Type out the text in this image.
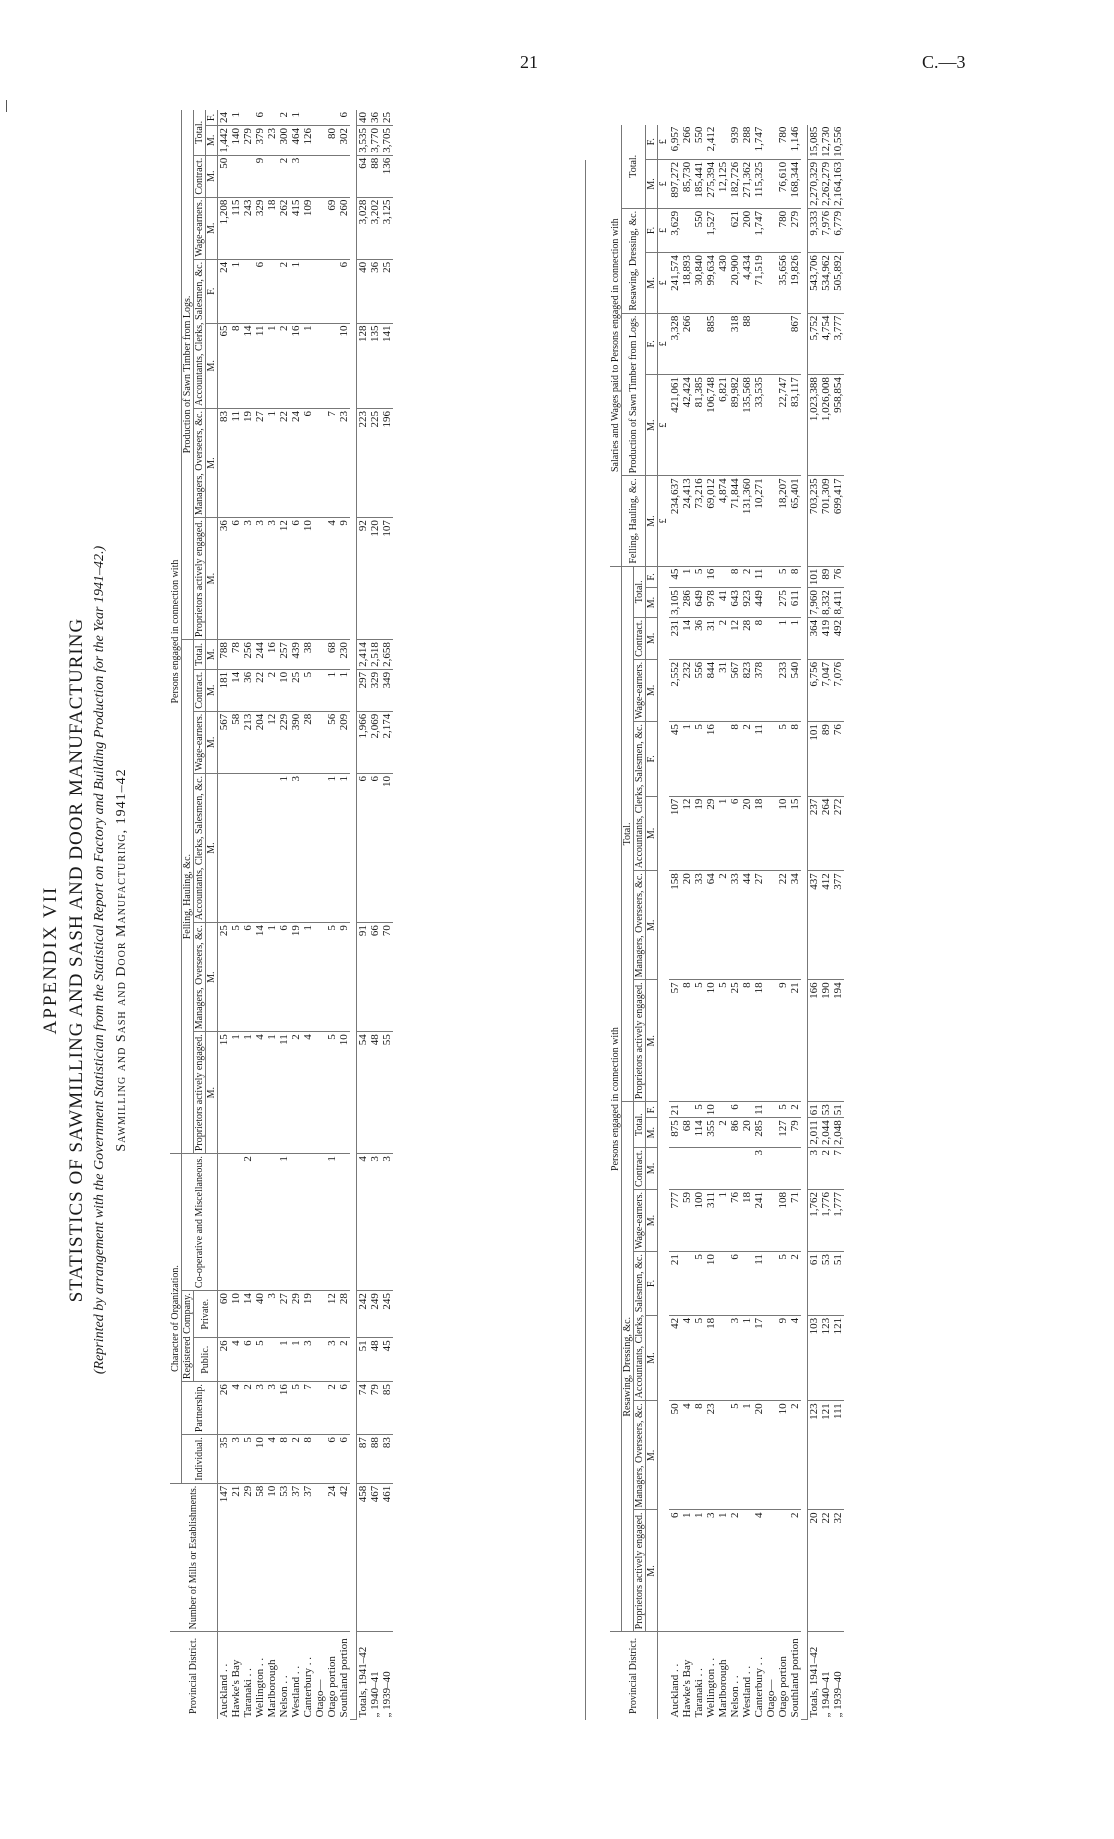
21	C.—3
APPENDIX VII STATISTICS OF SAWMILLING AND SASH AND DOOR MANUFACTURING (Reprinted by arrangement with the Government Statistician from the Statistical Report on Factory and Building Production for the Year 1941–42.) Sawmilling and Sash and Door Manufacturing, 1941–42
Provincial District.	Number of Mills or Establishments.	Character of Organization.					Persons engaged in connection with													
		Individual.	Partnership.	Registered Company.		Co-operative and Miscellaneous.	Felling, Hauling, &c.						Production of Sawn Timber from Logs.							
				Public.	Private.		Proprietors actively engaged.	Managers, Overseers, &c.	Accountants, Clerks, Salesmen, &c.	Wage-earners.	Contract.	Total.	Proprietors actively engaged.	Managers, Overseers, &c.	Accountants, Clerks, Salesmen, &c.		Wage-earners.	Contract.	Total.	
							M.	M.	M.	M.	M.	M.	M.	M.	M.	F.	M.	M.	M.	F.
Auckland . .	147	35	26	26	60		15	25		567	181	788	36	83	65	24	1,208	50	1,442	24
Hawke's Bay	21	3	4	4	10		1	5		58	14	78	6	11	8	1	115		140	1
Taranaki . .	29	5	2	6	14	2	1	6		213	36	256	3	19	14		243		279	
Wellington . .	58	10	3	5	40		4	14		204	22	244	3	27	11	6	329	9	379	6
Marlborough	10	4	3		3		1	1		12	2	16	3	1	1		18		23	
Nelson . .	53	8	16	1	27	1	11	6	1	229	10	257	12	22	2	2	262	2	300	2
Westland . .	37	2	5	1	29		2	19	3	390	25	439	6	24	16	1	415	3	464	1
Canterbury . .	37	8	7	3	19		4	1		28	5	38	10	6	1		109		126	
Otago—																				
Otago portion	24	6	2	3	12	1	5	5	1	56	1	68	4	7			69		80	
Southland portion	42	6	6	2	28		10	9	1	209	1	230	9	23	10	6	260		302	6

Totals, 1941–42	458	87	74	51	242	4	54	91	6	1,966	297	2,414	92	223	128	40	3,028	64	3,535	40
„ 1940–41	467	88	79	48	249	3	48	66	6	2,069	329	2,518	120	225	135	36	3,202	88	3,770	36
„ 1939–40	461	83	85	45	245	3	55	70	10	2,174	349	2,658	107	196	141	25	3,125	136	3,705	25
Provincial District.	Persons engaged in connection with																Salaries and Wages paid to Persons engaged in connection with						
	Resawing, Dressing, &c.								Total.								Felling, Hauling, &c.	Production of Sawn Timber from Logs.		Resawing, Dressing, &c.		Total.	
	Proprietors actively engaged.	Managers, Overseers, &c.	Accountants, Clerks, Salesmen, &c.		Wage-earners.	Contract.	Total.		Proprietors actively engaged.	Managers, Overseers, &c.	Accountants, Clerks, Salesmen, &c.		Wage-earners.	Contract.	Total.								
	M.	M.	M.	F.	M.	M.	M.	F.	M.	M.	M.	F.	M.	M.	M.	F.	M.	M.	F.	M.	F.	M.	F.
																	£	£	£	£	£	£	£
Auckland . .	6	50	42	21	777		875	21	57	158	107	45	2,552	231	3,105	45	234,637	421,061	3,328	241,574	3,629	897,272	6,957
Hawke's Bay	1	4	4		59		68		8	20	12	1	232	14	286	1	24,413	42,424	266	18,893		85,730	266
Taranaki . .	1	8	5	5	100		114	5	5	33	19	5	556	36	649	5	73,216	81,385		30,840	550	185,441	550
Wellington . .	3	23	18	10	311		355	10	10	64	29	16	844	31	978	16	69,012	106,748	885	99,634	1,527	275,394	2,412
Marlborough	1				1		2		5	2	1		31	2	41		4,874	6,821		430		12,125	
Nelson . .	2	5	3	6	76		86	6	25	33	6	8	567	12	643	8	71,844	89,982	318	20,900	621	182,726	939
Westland . .		1	1		18		20		8	44	20	2	823	28	923	2	131,360	135,568	88	4,434	200	271,362	288
Canterbury . .	4	20	17	11	241	3	285	11	18	27	18	11	378	8	449	11	10,271	33,535		71,519	1,747	115,325	1,747
Otago—																							
Otago portion		10	9	5	108		127	5	9	22	10	5	233	1	275	5	18,207	22,747		35,656	780	76,610	780
Southland portion	2	2	4	2	71		79	2	21	34	15	8	540	1	611	8	65,401	83,117	867	19,826	279	168,344	1,146

Totals, 1941–42	20	123	103	61	1,762	3	2,011	61	166	437	237	101	6,756	364	7,960	101	703,235	1,023,388	5,752	543,706	9,333	2,270,329	15,085
„ 1940–41	22	121	123	53	1,776	2	2,044	53	190	412	264	89	7,047	419	8,332	89	701,309	1,026,008	4,754	534,962	7,976	2,262,279	12,730
„ 1939–40	32	111	121	51	1,777	7	2,048	51	194	377	272	76	7,076	492	8,411	76	699,417	958,854	3,777	505,892	6,779	2,164,163	10,556
